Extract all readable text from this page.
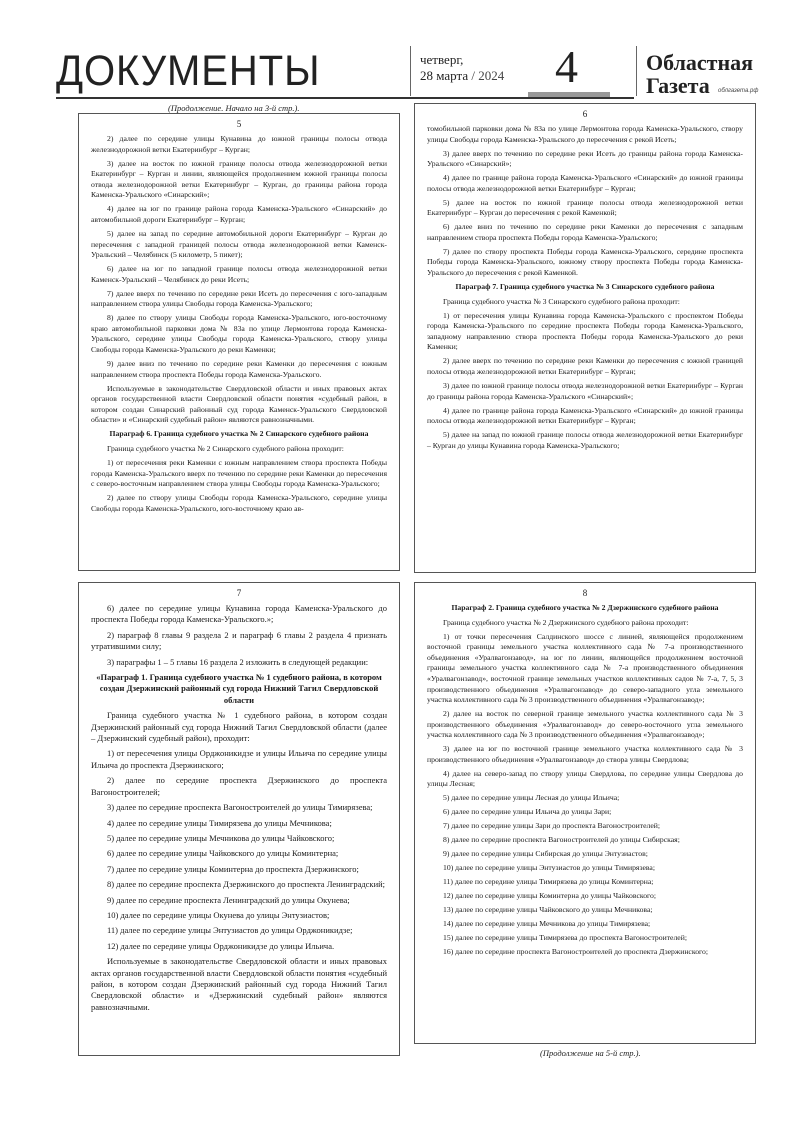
ДОКУМЕНТЫ	четверг,
28 марта / 2024 4	Областная
Газета облгазета.рф
(Продолжение. Начало на 3-й стр.).
5

2) далее по середине улицы Кунавина до южной границы полосы отвода железнодорожной ветки Екатеринбург – Курган;

3) далее на восток по южной границе полосы отвода железнодорожной ветки Екатеринбург – Курган и линии, являющейся продолжением южной границы полосы отвода железнодорожной ветки Екатеринбург – Курган, до границы района города Каменска-Уральского «Синарский»;

4) далее на юг по границе района города Каменска-Уральского «Синарский» до автомобильной дороги Екатеринбург – Курган;

5) далее на запад по середине автомобильной дороги Екатеринбург – Курган до пересечения с западной границей полосы отвода железнодорожной ветки Каменск-Уральский – Челябинск (5 километр, 5 пикет);

6) далее на юг по западной границе полосы отвода железнодорожной ветки Каменск-Уральский – Челябинск до реки Исеть;

7) далее вверх по течению по середине реки Исеть до пересечения с юго-западным направлением створа улицы Свободы города Каменска-Уральского;

8) далее по створу улицы Свободы города Каменска-Уральского, юго-восточному краю автомобильной парковки дома № 83а по улице Лермонтова города Каменска-Уральского, середине улицы Свободы города Каменска-Уральского, створу улицы Свободы города Каменска-Уральского до реки Каменки;

9) далее вниз по течению по середине реки Каменки до пересечения с южным направлением створа проспекта Победы города Каменска-Уральского.

Используемые в законодательстве Свердловской области и иных правовых актах органов государственной власти Свердловской области понятия «судебный район, в котором создан Синарский районный суд города Каменск-Уральского Свердловской области» и «Синарский судебный район» являются равнозначными.

Параграф 6. Граница судебного участка № 2 Синарского судебного района

Граница судебного участка № 2 Синарского судебного района проходит:

1) от пересечения реки Каменки с южным направлением створа проспекта Победы города Каменска-Уральского вверх по течению по середине реки Каменки до пересечения с северо-восточным направлением створа улицы Свободы города Каменска-Уральского;

2) далее по створу улицы Свободы города Каменска-Уральского, середине улицы Свободы города Каменска-Уральского, юго-восточному краю ав-

6

томобильной парковки дома № 83а по улице Лермонтова города Каменска-Уральского, створу улицы Свободы города Каменска-Уральского до пересечения с рекой Исеть;

3) далее вверх по течению по середине реки Исеть до границы района города Каменска-Уральского «Синарский»;

4) далее по границе района города Каменска-Уральского «Синарский» до южной границы полосы отвода железнодорожной ветки Екатеринбург – Курган;

5) далее на восток по южной границе полосы отвода железнодорожной ветки Екатеринбург – Курган до пересечения с рекой Каменкой;

6) далее вниз по течению по середине реки Каменки до пересечения с западным направлением створа проспекта Победы города Каменска-Уральского;

7) далее по створу проспекта Победы города Каменска-Уральского, середине проспекта Победы города Каменска-Уральского, южному створу проспекта Победы города Каменска-Уральского до пересечения с рекой Каменкой.

Параграф 7. Граница судебного участка № 3 Синарского судебного района

Граница судебного участка № 3 Синарского судебного района проходит:

1) от пересечения улицы Кунавина города Каменска-Уральского с проспектом Победы города Каменска-Уральского по середине проспекта Победы города Каменска-Уральского, западному направлению створа проспекта Победы города Каменска-Уральского до реки Каменки;

2) далее вверх по течению по середине реки Каменки до пересечения с южной границей полосы отвода железнодорожной ветки Екатеринбург – Курган;

3) далее по южной границе полосы отвода железнодорожной ветки Екатеринбург – Курган до границы района города Каменска-Уральского «Синарский»;

4) далее по границе района города Каменска-Уральского «Синарский» до южной границы полосы отвода железнодорожной ветки Екатеринбург – Курган;

5) далее на запад по южной границе полосы отвода железнодорожной ветки Екатеринбург – Курган до улицы Кунавина города Каменска-Уральского;

7

6) далее по середине улицы Кунавина города Каменска-Уральского до проспекта Победы города Каменска-Уральского.»;

2) параграф 8 главы 9 раздела 2 и параграф 6 главы 2 раздела 4 признать утратившими силу;

3) параграфы 1 – 5 главы 16 раздела 2 изложить в следующей редакции:

«Параграф 1. Граница судебного участка № 1 судебного района, в котором создан Дзержинский районный суд города Нижний Тагил Свердловской области

Граница судебного участка № 1 судебного района, в котором создан Дзержинский районный суд города Нижний Тагил Свердловской области (далее – Дзержинский судебный район), проходит:

1) от пересечения улицы Орджоникидзе и улицы Ильича по середине улицы Ильича до проспекта Дзержинского;

2) далее по середине проспекта Дзержинского до проспекта Вагоностроителей;

3) далее по середине проспекта Вагоностроителей до улицы Тимирязева;

4) далее по середине улицы Тимирязева до улицы Мечникова;

5) далее по середине улицы Мечникова до улицы Чайковского;

6) далее по середине улицы Чайковского до улицы Коминтерна;

7) далее по середине улицы Коминтерна до проспекта Дзержинского;

8) далее по середине проспекта Дзержинского до проспекта Ленинградский;

9) далее по середине проспекта Ленинградский до улицы Окунева;

10) далее по середине улицы Окунева до улицы Энтузиастов;

11) далее по середине улицы Энтузиастов до улицы Орджоникидзе;

12) далее по середине улицы Орджоникидзе до улицы Ильича.

Используемые в законодательстве Свердловской области и иных правовых актах органов государственной власти Свердловской области понятия «судебный район, в котором создан Дзержинский районный суд города Нижний Тагил Свердловской области» и «Дзержинский судебный район» являются равнозначными.

8
Параграф 2. Граница судебного участка № 2 Дзержинского судебного района

Граница судебного участка № 2 Дзержинского судебного района проходит:

1) от точки пересечения Салдинского шоссе с линией, являющейся продолжением восточной границы земельного участка коллективного сада № 7-а производственного объединения «Уралвагонзавод», на юг по линии, являющейся продолжением восточной границы земельного участка коллективного сада № 7-а производственного объединения «Уралвагонзавод», восточной границе земельных участков коллективных садов № 7-а, 7, 5, 3 производственного объединения «Уралвагонзавод» до северо-западного угла земельного участка коллективного сада № 3 производственного объединения «Уралвагонзавод»;

2) далее на восток по северной границе земельного участка коллективного сада № 3 производственного объединения «Уралвагонзавод» до северо-восточного угла земельного участка коллективного сада № 3 производственного объединения «Уралвагонзавод»;

3) далее на юг по восточной границе земельного участка коллективного сада № 3 производственного объединения «Уралвагонзавод» до створа улицы Свердлова;

4) далее на северо-запад по створу улицы Свердлова, по середине улицы Свердлова до улицы Лесная;

5) далее по середине улицы Лесная до улицы Ильича;

6) далее по середине улицы Ильича до улицы Зари;

7) далее по середине улицы Зари до проспекта Вагоностроителей;

8) далее по середине проспекта Вагоностроителей до улицы Сибирская;

9) далее по середине улицы Сибирская до улицы Энтузиастов;

10) далее по середине улицы Энтузиастов до улицы Тимирязева;

11) далее по середине улицы Тимирязева до улицы Коминтерна;

12) далее по середине улицы Коминтерна до улицы Чайковского;

13) далее по середине улицы Чайковского до улицы Мечникова;

14) далее по середине улицы Мечникова до улицы Тимирязева;

15) далее по середине улицы Тимирязева до проспекта Вагоностроителей;

16) далее по середине проспекта Вагоностроителей до проспекта Дзержинского;

(Продолжение на 5-й стр.).
